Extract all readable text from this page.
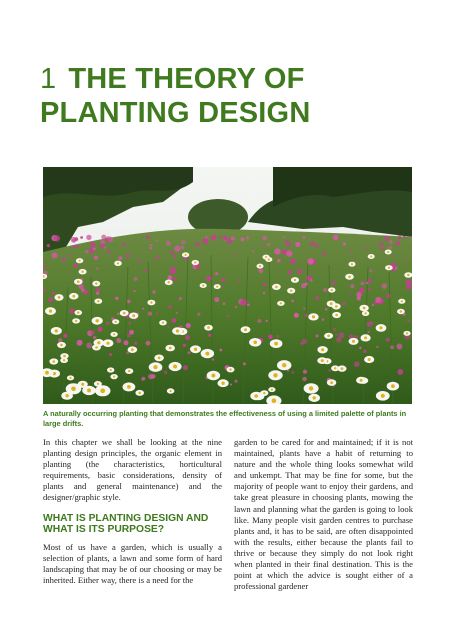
1 THE THEORY OF
PLANTING DESIGN
A naturally occurring planting that demonstrates the effectiveness of using a limited palette of plants in large drifts.

In this chapter we shall be looking at the nine planting design principles, the organic element in planting (the characteristics, horticultural requirements, basic considerations, density of plants and general maintenance) and the designer/graphic style.

WHAT IS PLANTING DESIGN AND WHAT IS ITS PURPOSE?

Most of us have a garden, which is usually a selection of plants, a lawn and some form of hard landscaping that may be of our choosing or may be inherited. Either way, there is a need for the

garden to be cared for and maintained; if it is not maintained, plants have a habit of returning to nature and the whole thing looks somewhat wild and unkempt. That may be fine for some, but the majority of people want to enjoy their gardens, and take great pleasure in choosing plants, mowing the lawn and planning what the garden is going to look like. Many people visit garden centres to purchase plants and, it has to be said, are often disappointed with the results, either because the plants fail to thrive or because they simply do not look right when planted in their final destination. This is the point at which the advice is sought either of a professional gardener
